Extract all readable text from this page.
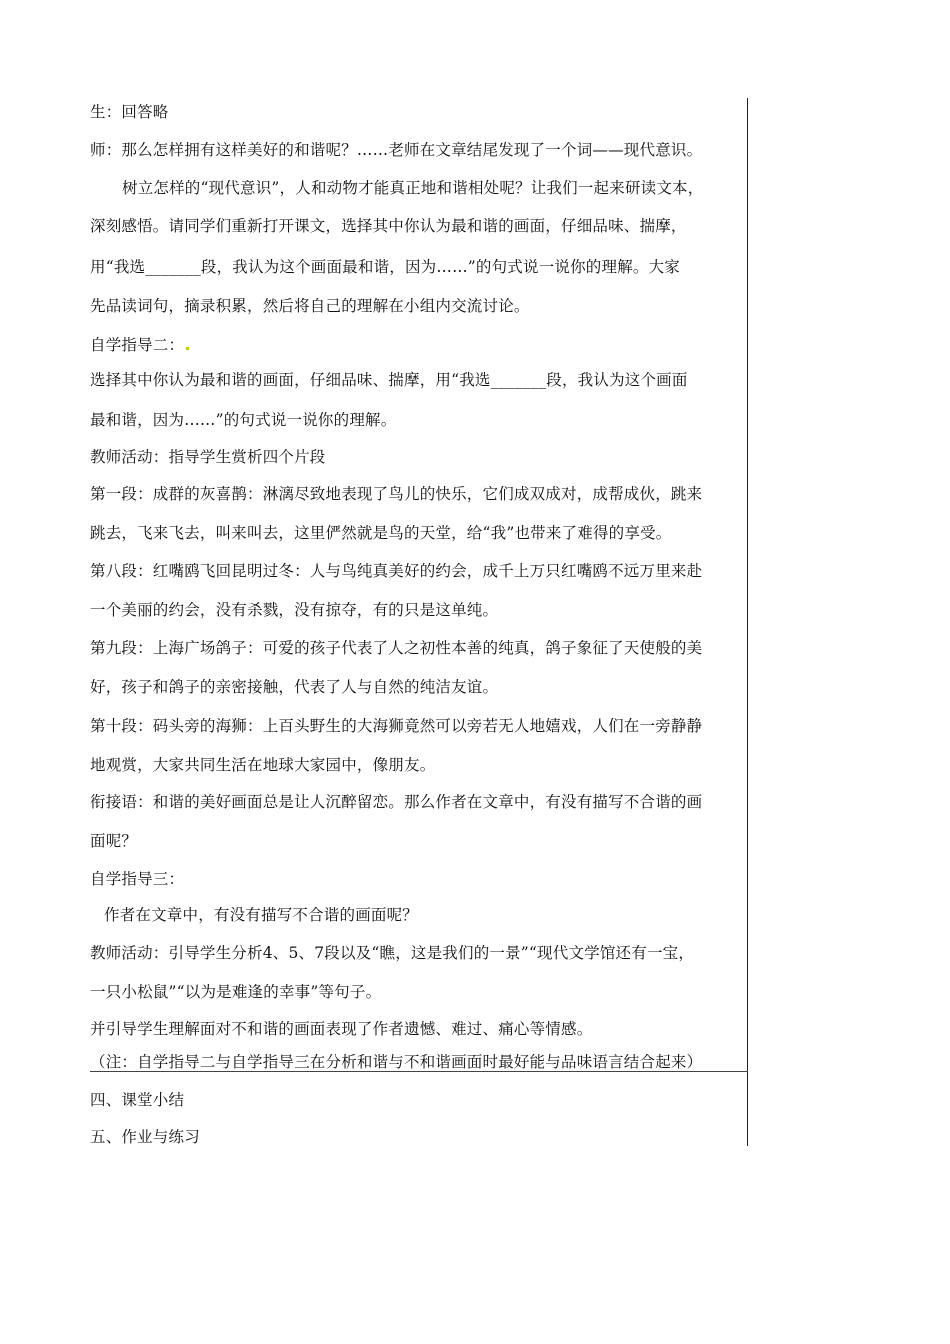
生：回答略
师：那么怎样拥有这样美好的和谐呢？……老师在文章结尾发现了一个词——现代意识。
树立怎样的“现代意识”，人和动物才能真正地和谐相处呢？让我们一起来研读文本，
深刻感悟。请同学们重新打开课文，选择其中你认为最和谐的画面，仔细品味、揣摩，
用“我选_______段，我认为这个画面最和谐，因为……”的句式说一说你的理解。大家
先品读词句，摘录积累，然后将自己的理解在小组内交流讨论。
自学指导二：
选择其中你认为最和谐的画面，仔细品味、揣摩，用“我选_______段，我认为这个画面
最和谐，因为……”的句式说一说你的理解。
教师活动：指导学生赏析四个片段
第一段：成群的灰喜鹊：淋漓尽致地表现了鸟儿的快乐，它们成双成对，成帮成伙，跳来
跳去，飞来飞去，叫来叫去，这里俨然就是鸟的天堂，给“我”也带来了难得的享受。
第八段：红嘴鸥飞回昆明过冬：人与鸟纯真美好的约会，成千上万只红嘴鸥不远万里来赴
一个美丽的约会，没有杀戮，没有掠夺，有的只是这单纯。
第九段：上海广场鸽子：可爱的孩子代表了人之初性本善的纯真，鸽子象征了天使般的美
好，孩子和鸽子的亲密接触，代表了人与自然的纯洁友谊。
第十段：码头旁的海狮：上百头野生的大海狮竟然可以旁若无人地嬉戏，人们在一旁静静
地观赏，大家共同生活在地球大家园中，像朋友。
衔接语：和谐的美好画面总是让人沉醉留恋。那么作者在文章中，有没有描写不合谐的画
面呢？
自学指导三：
作者在文章中，有没有描写不合谐的画面呢？
教师活动：引导学生分析4、5、7段以及“瞧，这是我们的一景”“现代文学馆还有一宝，
一只小松鼠”“以为是难逢的幸事”等句子。
并引导学生理解面对不和谐的画面表现了作者遗憾、难过、痛心等情感。
（注：自学指导二与自学指导三在分析和谐与不和谐画面时最好能与品味语言结合起来）
四、课堂小结
五、作业与练习
